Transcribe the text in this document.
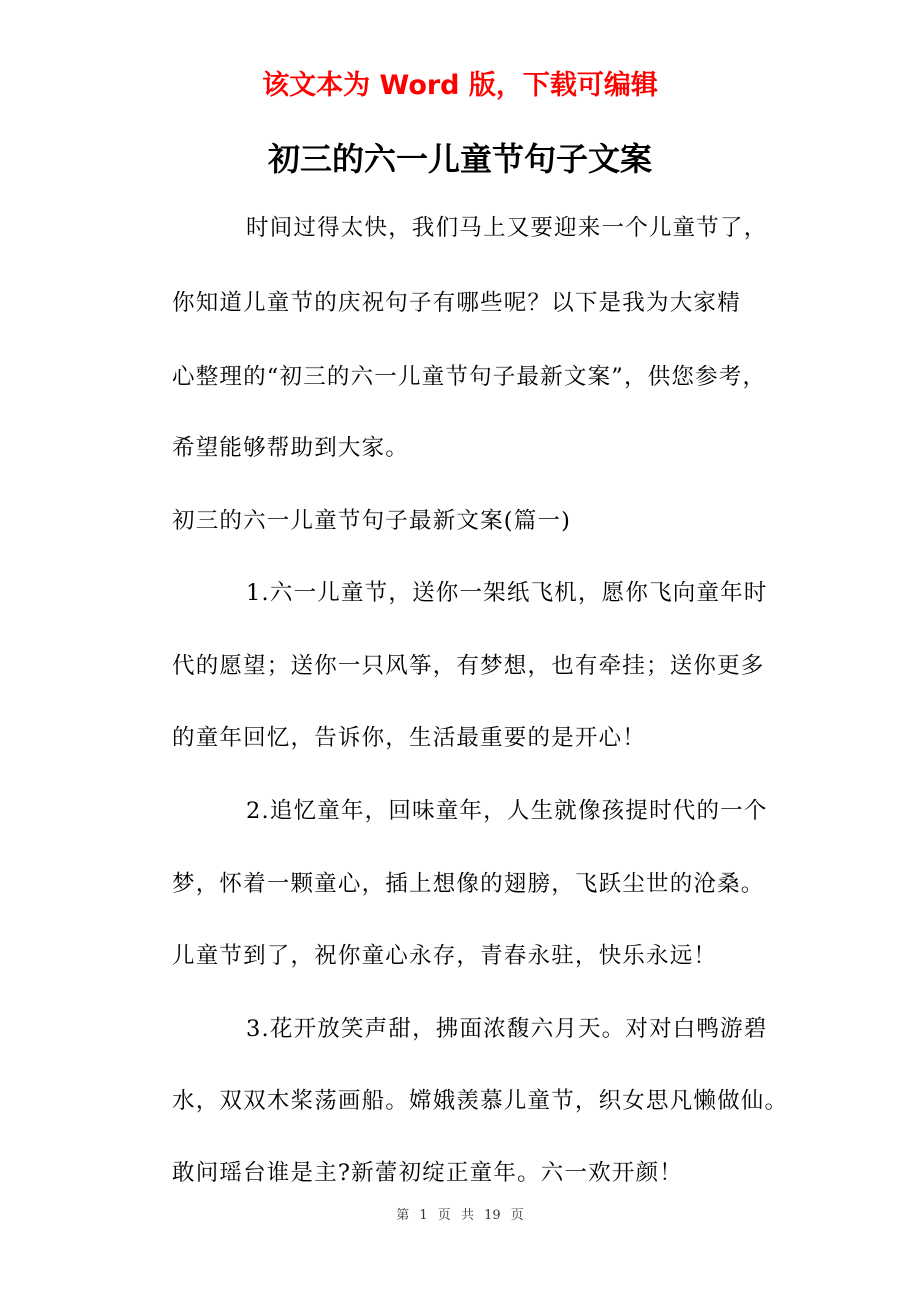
该文本为 Word 版，下载可编辑
初三的六一儿童节句子文案
时间过得太快，我们马上又要迎来一个儿童节了，
你知道儿童节的庆祝句子有哪些呢？以下是我为大家精
心整理的“初三的六一儿童节句子最新文案”，供您参考，
希望能够帮助到大家。
初三的六一儿童节句子最新文案(篇一)
1.六一儿童节，送你一架纸飞机，愿你飞向童年时
代的愿望；送你一只风筝，有梦想，也有牵挂；送你更多
的童年回忆，告诉你，生活最重要的是开心！
2.追忆童年，回味童年，人生就像孩提时代的一个
梦，怀着一颗童心，插上想像的翅膀，飞跃尘世的沧桑。
儿童节到了，祝你童心永存，青春永驻，快乐永远！
3.花开放笑声甜，拂面浓馥六月天。对对白鸭游碧
水，双双木桨荡画船。嫦娥羡慕儿童节，织女思凡懒做仙。
敢问瑶台谁是主?新蕾初绽正童年。六一欢开颜！
第 1 页 共 19 页
